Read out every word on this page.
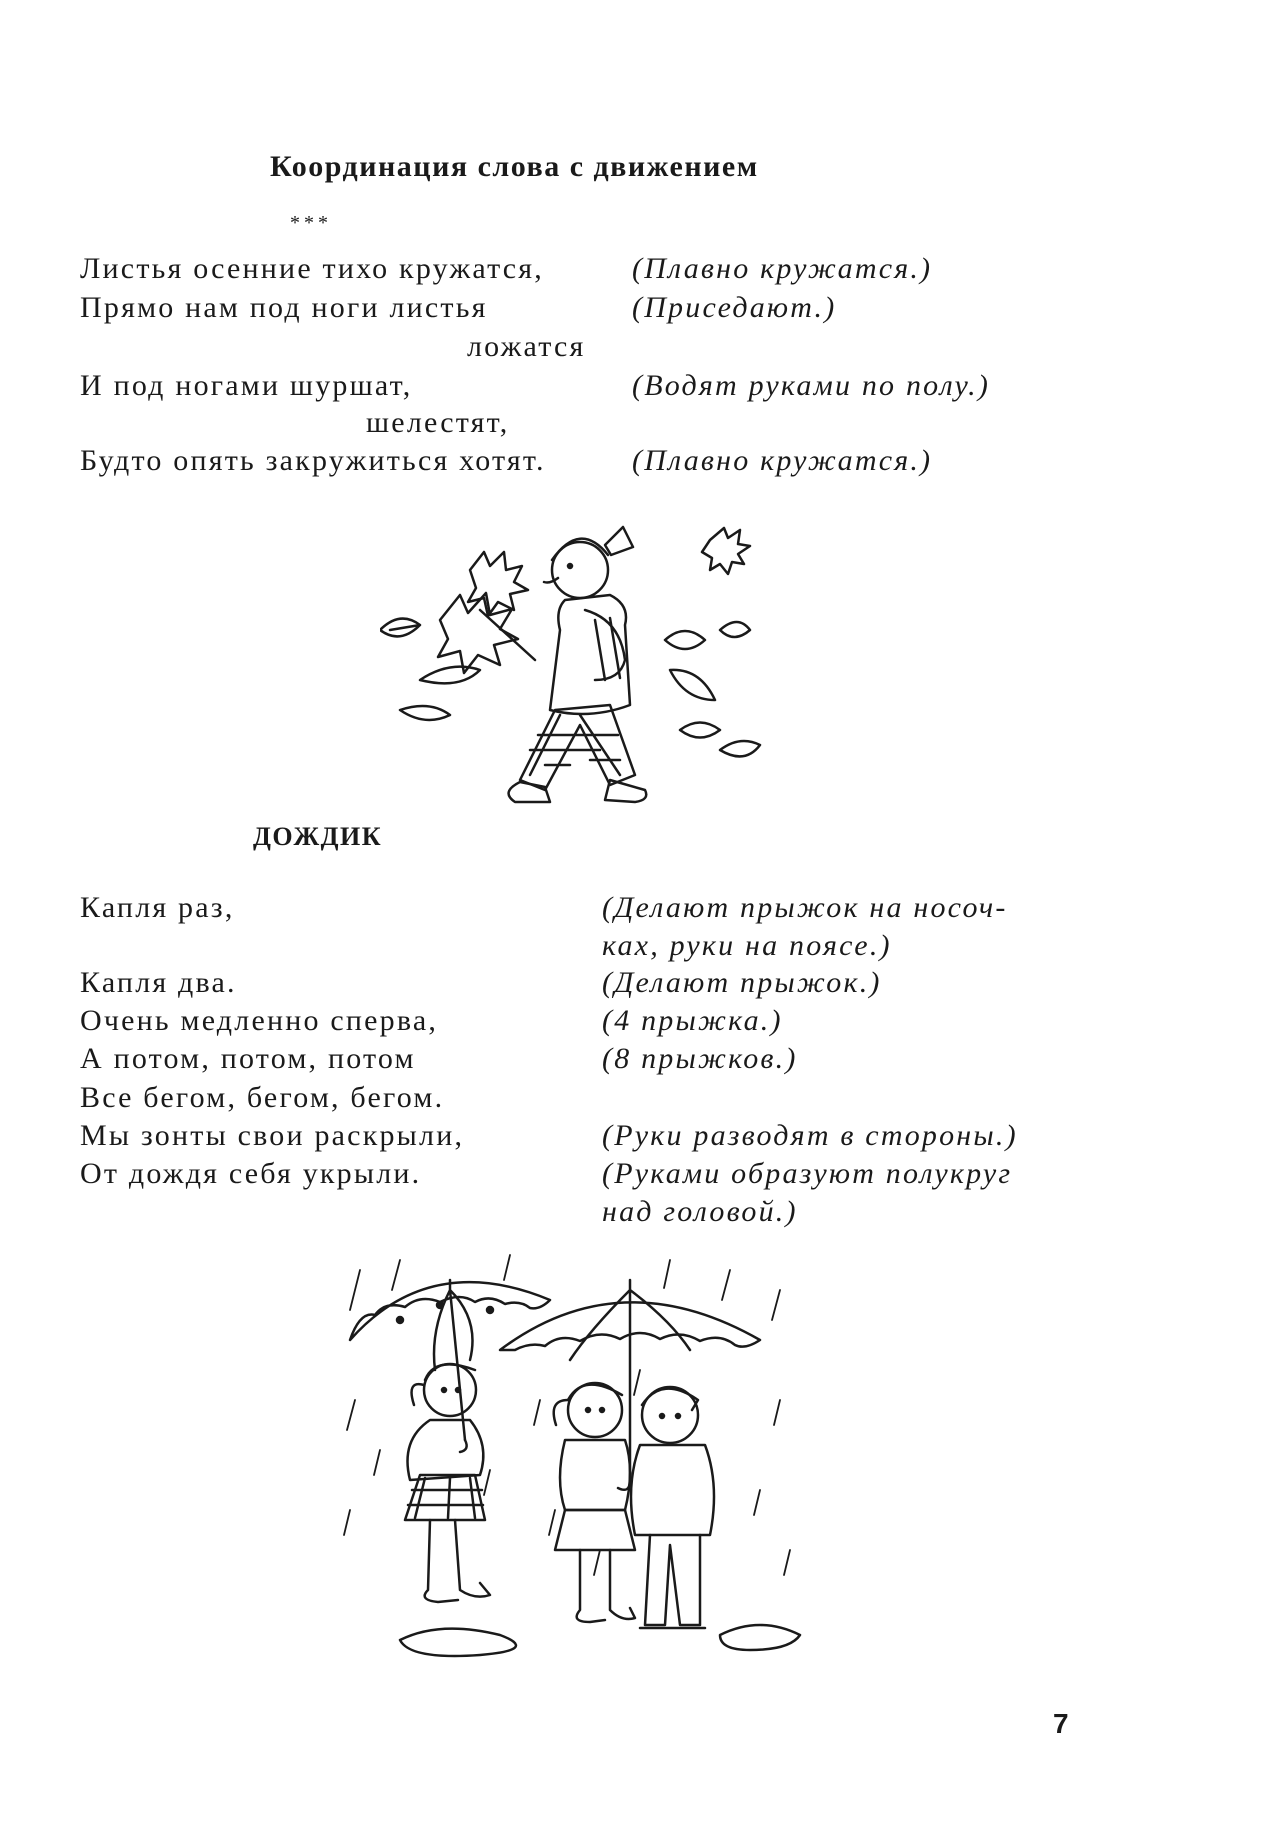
Координация слова с движением
***
Листья осенние тихо кружатся,	(Плавно кружатся.)
Прямо нам под ноги листья	(Приседают.)
ложатся
И под ногами шуршат,	(Водят руками по полу.)
шелестят,
Будто опять закружиться хотят.	(Плавно кружатся.)
ДОЖДИК
Капля раз,	(Делают прыжок на носоч-
ках, руки на поясе.)
Капля два.	(Делают прыжок.)
Очень медленно сперва,	(4 прыжка.)
А потом, потом, потом	(8 прыжков.)
Все бегом, бегом, бегом.
Мы зонты свои раскрыли,	(Руки разводят в стороны.)
От дождя себя укрыли.	(Руками образуют полукруг
над головой.)
7
